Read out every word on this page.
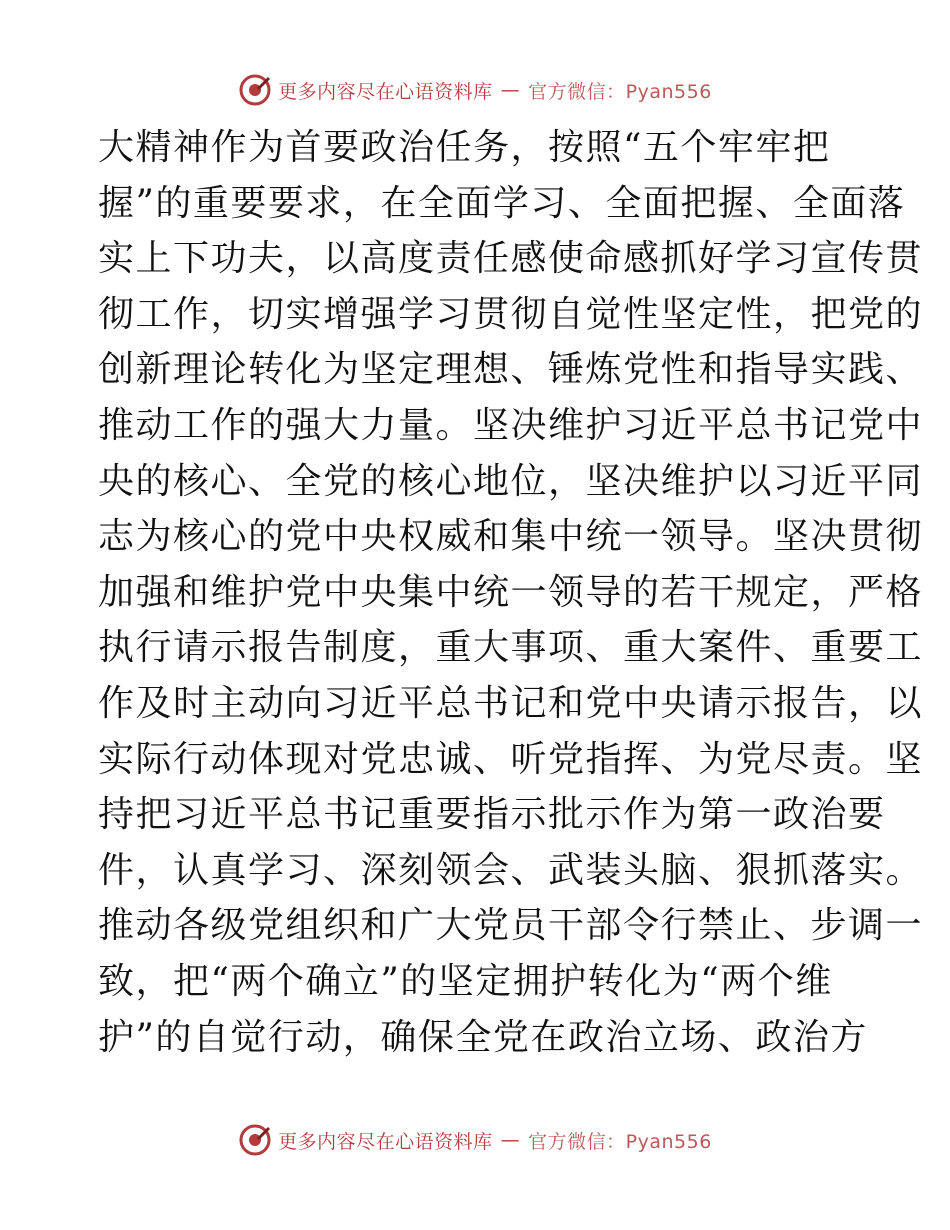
更多内容尽在心语资料库 — 官方微信：Pyan556
大精神作为首要政治任务，按照“五个牢牢把
握”的重要要求，在全面学习、全面把握、全面落
实上下功夫，以高度责任感使命感抓好学习宣传贯
彻工作，切实增强学习贯彻自觉性坚定性，把党的
创新理论转化为坚定理想、锤炼党性和指导实践、
推动工作的强大力量。坚决维护习近平总书记党中
央的核心、全党的核心地位，坚决维护以习近平同
志为核心的党中央权威和集中统一领导。坚决贯彻
加强和维护党中央集中统一领导的若干规定，严格
执行请示报告制度，重大事项、重大案件、重要工
作及时主动向习近平总书记和党中央请示报告，以
实际行动体现对党忠诚、听党指挥、为党尽责。坚
持把习近平总书记重要指示批示作为第一政治要
件，认真学习、深刻领会、武装头脑、狠抓落实。
推动各级党组织和广大党员干部令行禁止、步调一
致，把“两个确立”的坚定拥护转化为“两个维
护”的自觉行动，确保全党在政治立场、政治方
更多内容尽在心语资料库 — 官方微信：Pyan556
